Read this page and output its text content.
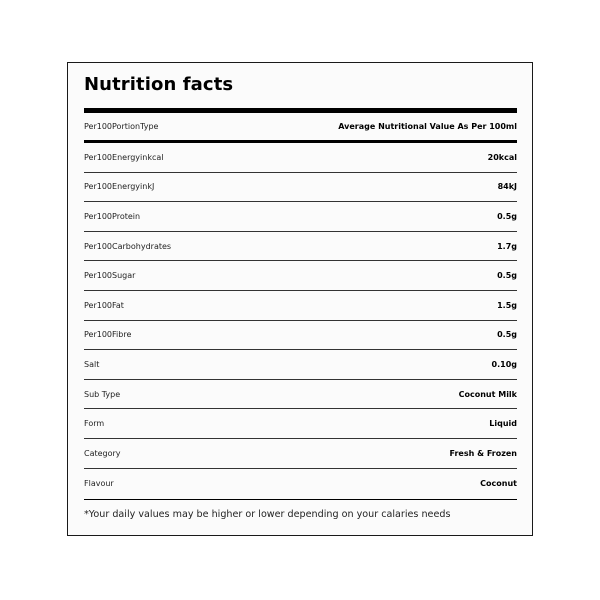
Nutrition facts
Per100PortionType	Average Nutritional Value As Per 100ml
Per100Energyinkcal	20kcal
Per100EnergyinkJ	84kJ
Per100Protein	0.5g
Per100Carbohydrates	1.7g
Per100Sugar	0.5g
Per100Fat	1.5g
Per100Fibre	0.5g
Salt	0.10g
Sub Type	Coconut Milk
Form	Liquid
Category	Fresh & Frozen
Flavour	Coconut
*Your daily values may be higher or lower depending on your calaries needs
